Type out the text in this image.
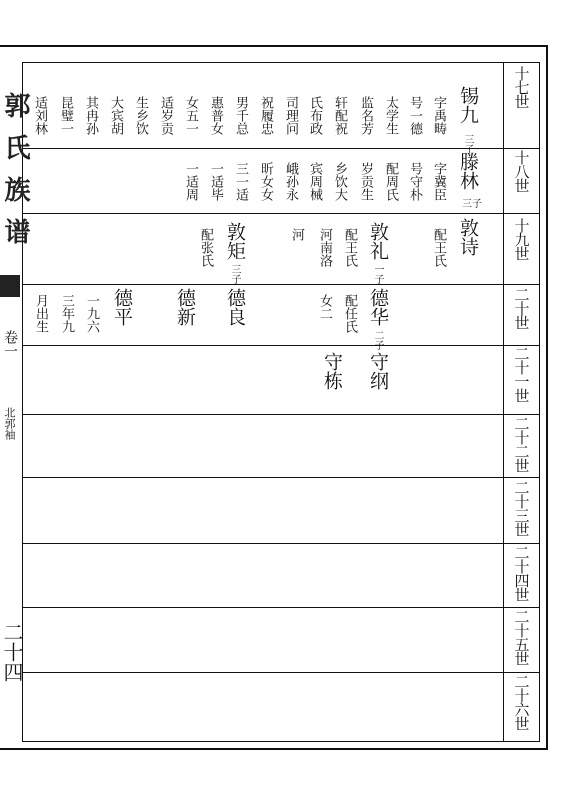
郭氏族谱
卷一
北郭袖
二十四
十七世
十八世
十九世
二十世
二十一世
二十二世
二十三世
二十四世
二十五世
二十六世
锡九
三子
字禹畴
号一德
太学生
监名芳
轩配祝
氏布政
司理问
祝履忠
男千总
惠普女
女五一
适岁贡
生乡饮
大宾胡
其冉孙
昆璧一
适刘林
滕林
三子
字冀臣
号守朴
配周氏
岁贡生
乡饮大
宾周械
峨孙永
昕女女
三一适
一适毕
一适周
敦诗
配王氏
敦礼
一子
配王氏
河南洛
河
敦矩
三子
配张氏
德华
二子
配任氏
女二
德良
德新
德平
一九六
三年九
月出生
守纲
守栋
